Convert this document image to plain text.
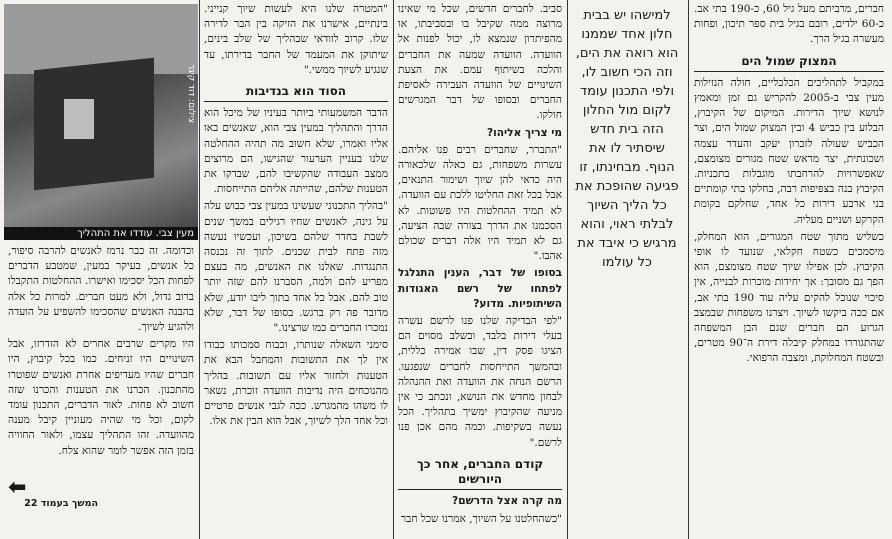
חברים, מרביתם מעל גיל 60, כ-190 בתי אב. כ-60 ילדים, רובם בגיל בית ספר תיכון, ופחות מעשרה בגיל הרך.

המצוק שמול הים

במקביל לתהליכים הכלכליים, חולה הנזילות מעין צבי ב-2005 להקריש גם זמן ומאמץ לנושא שיוך הדירות. המיקום של הקיבוץ, הבלוע בין כביש 4 ובין המצוק שמול הים, וצר הכביש שעולה לזכרון יעקב והעדר עצמה ושכונתית, יצר מראש שטח מגורים מצומצם, שאפשרויות להרחבתו מוגבלות בתכניות. הקיבוץ בנה בצפיפות רבה, בחלקו בתי קומתיים בני ארבע דירות כל אחד, שחלקם בקומת הקרקע ושניים מעליה.

כשליש מתוך שטח המגורים, הוא המחלק, מיסמכים כשטח חקלאי, שנועד לו אופי הקיבוץ. לכן אפילו שיוך שטח מצומצם, הוא הפך גם מסובך: אך יחידות מוכרות לבנייה, אין סיכוי שנוכל להקים עליה עוד 190 בתי אב, אם ככה ביקשו לשיוך. ויצרנו משפחות שבמצב הגרוע הם חברים שגם הבן המשפחה שהתגוררו במחלק קיבלה דירת ה־90 מטרים, ובשטח המחלוקת, ומצבה הרפואי.

למישהו יש בבית חלון אחד שממנו הוא רואה את הים, וזה הכי חשוב לו, ולפי התכנון עומד לקום מול החלון הזה בית חדש שיסתיר לו את הנוף. מבחינתו, זו פגיעה שהופכת את כל הליך השיוך לבלתי ראוי, והוא מרגיש כי איבד את כל עולמו

סביב. לחברים חדשים, שכל מי שאינו מרוצה ממה שקיבל בו ובסביבתו, או מהפיתרון שנמצא לו, יכול לפנות אל הוועדה. הוועדה שמעה את החברים והלכה בשיתוף עמם. את הצעת השינויים של הוועדה העבירה לאסיפת החברים ובסופו של דבר המגרשים חולקו.

מי צריך אליהו?

"התברר, שחברים רבים פנו אליהם. עשרות משפחות, גם כאלה שלכאורה היה כדאי להן שיוך ושימור התנאים, אבל בכל זאת החליטו ללכת עם הוועדה. לא תמיד ההחלטות היו פשוטות. לא הסכמנו את הדרך בצורה שבה הציעה, גם לא תמיד היו אלה דברים שכולם אהבו."

בסופו של דבר, הענין התגלגל לפתחו של רשם האגודות השיתופיות. מדוע?

"לפי הבדיקה שלנו פנו לרשם עשרה בעלי דירות בלבד, ובשלב מסוים הם הציגו פסק דין, שבו אמירה כללית, ובהמשך התייחסות לחברים שנפגעו. הרשם הנחה את הוועדה ואת ההנהלה לבחון מחדש את הנושא, ונכתב כי אין מניעה שהקיבוץ ימשיך בתהליך. הכל נעשה בשקיפות. וכמה מהם אכן פנו לרשם."

קודם החברים, אחר כך היורשים

מה קרה אצל הדרשם?

"כשהחלטנו על השיוך, אמרנו שכל חבר

"המטרה שלנו היא לעשות שיוך קנייני. בינתיים, אישרנו את הזיקה בין הבר לדירה שלו. קרוב לוודאי שבהליך של שלב בינים, שיתוקן את המעמד של החבר בדירתו, עד שנגיע לשיוך ממשי."

הסוד הוא בנדיבות

הדבר המשמעותי ביותר בעיניו של מיכל הוא הדרך והתהליך במעין צבי הוא, שאנשים באו אליו ואמרו, שלא חשוב מה תהיה ההחלטה שלנו בעניין הערעור שהגישו, הם מרוצים ממצב העבודה שהקשיבו להם, שבדקו את הטענות שלהם, שהייתה אליהם התייחסות.

"בהליך התכנוני שעשינו במעין צבי כבוש עלה על גינה, לאנשים שחיו רגילים במשך שנים לשבת בחדר שלהם בשיכון, ועכשיו נעשה מזה פתח לבית שכנים. לתוך זה נכנסה התנגדות. שאלנו את האנשים, מה בעצם מפריע להם ולמה, הסברנו להם שזה יותר טוב להם. אבל כל אחד בתוך ליבו יודע, שלא מדובר פה רק ברגש. בסופו של דבר, שלא נמכרו החברים כמו שרצינו."

סימני השאלה שנותרו, וכבוח סמכותו כבודו אין לך את התשובות והמחבל הבא את הטענות ולחזור אליו עם תשובות. בהליך מהנוכחים היה נדיבות הוועדה זוכרת, נשאר לו משהו מהמגרש. ככה לגבי אנשים פרטיים וכל אחד הלך לשיוך, אבל הוא הבין את אלו.

צילום: דוד קיגר
מעין צבי. עודדו את התהליך

וכדומה. זה כבר נרמז לאנשים להרבה סיפור, כל אנשים, בעיקר במעין, שמטבע הדברים לפחות הכל יסכימו ואישרו. ההחלטות התקבלו ברוב גדול, ולא מעט חברים. למרות כל אלה בהבנה האנשים שהסכימו להשפיע על הועדה ולהגיע לשיוך.

היו מקרים שרבים אחרים לא הזדרזו, אבל השינויים היו זניחים. כמו בכל קיבוץ, היו חברים שהיו מעדיפים אחרת ואנשים שפוטרו מהתכנון. הכרנו את הטענות והכרנו שזה חשוב לא פחות. לאור הדברים, התכנון עומד לקום, וכל מי שהיה מעוניין קיבל מענה מהוועדה. זהו התהליך עצמו, ולאור החוויה בזמן הזה אפשר לומר שהוא צלח.

⬅
המשך בעמוד 22
